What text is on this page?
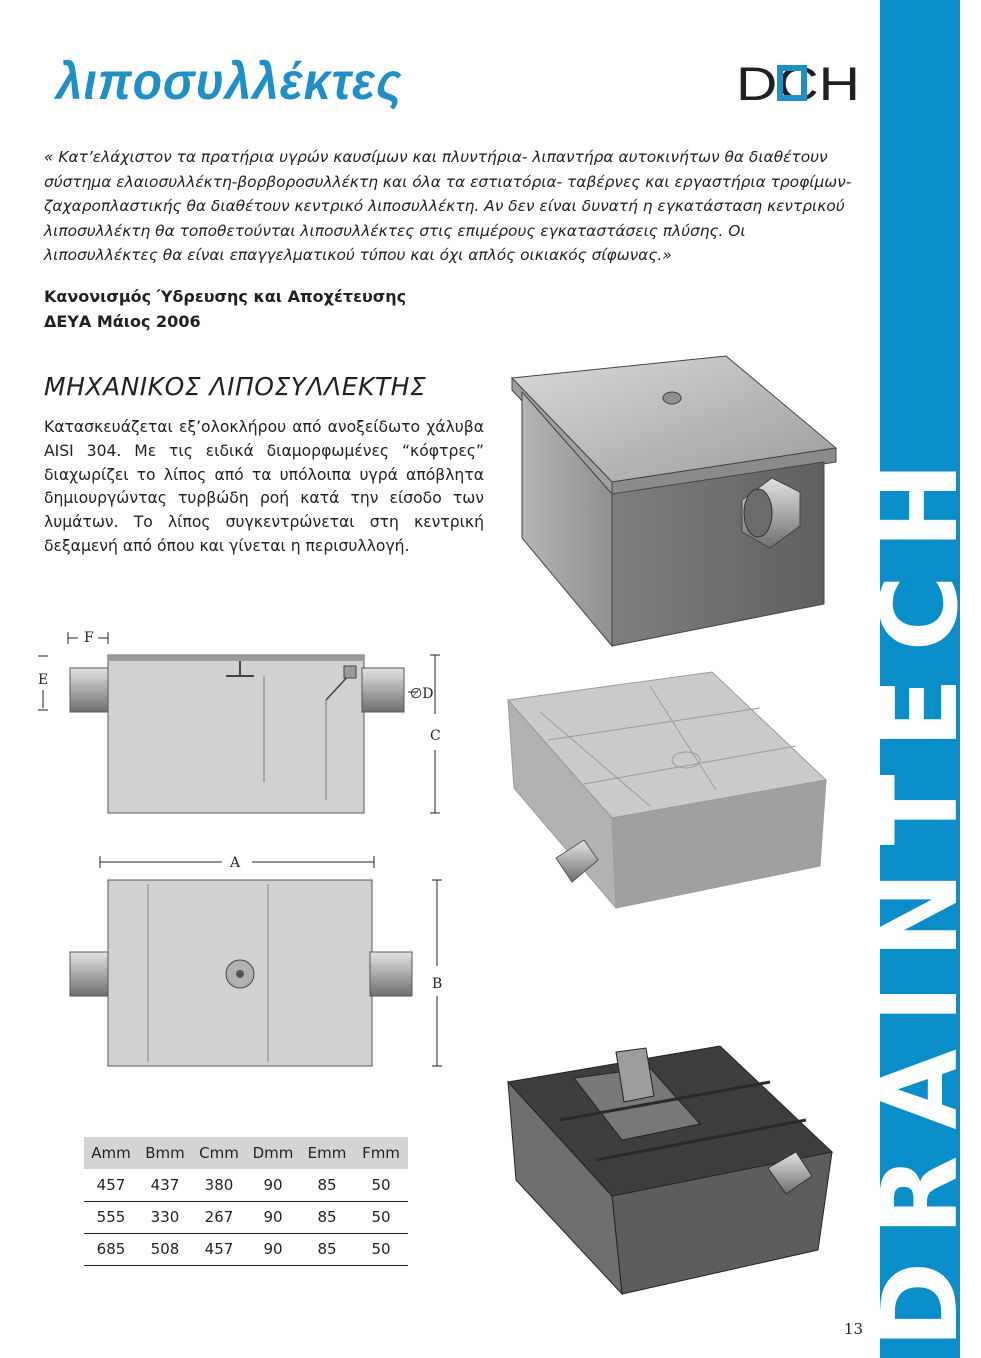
λιποσυλλέκτες	DCH

« Κατ’ελάχιστον τα πρατήρια υγρών καυσίμων και πλυντήρια- λιπαντήρα αυτοκινήτων θα διαθέτουν σύστημα ελαιοσυλλέκτη-βορβοροσυλλέκτη και όλα τα εστιατόρια- ταβέρνες και εργαστήρια τροφίμων- ζαχαροπλαστικής θα διαθέτουν κεντρικό λιποσυλλέκτη. Αν δεν είναι δυνατή η εγκατάσταση κεντρικού λιποσυλλέκτη θα τοποθετούνται λιποσυλλέκτες στις επιμέρους εγκαταστάσεις πλύσης. Οι λιποσυλλέκτες θα είναι επαγγελματικού τύπου και όχι απλός οικιακός σίφωνας.»

Κανονισμός Ύδρευσης και Αποχέτευσης
ΔΕΥΑ Μάιος 2006
ΜΗΧΑΝΙΚΟΣ ΛΙΠΟΣΥΛΛΕΚΤΗΣ

Κατασκευάζεται εξ’ολοκλήρου από ανοξείδωτο χάλυβα AISI 304. Με τις ειδικά διαμορφωμένες “κόφτρες” διαχωρίζει το λίπος από τα υπόλοιπα υγρά απόβλητα δημιουργώντας τυρβώδη ροή κατά την είσοδο των λυμάτων. Το λίπος συγκεντρώνεται στη κεντρική δεξαμενή από όπου και γίνεται η περισυλλογή.

F
E
∅D
C
A
B
Amm	Bmm	Cmm	Dmm	Emm	Fmm
457	437	380	90	85	50
555	330	267	90	85	50
685	508	457	90	85	50	DRAINTECH
13
